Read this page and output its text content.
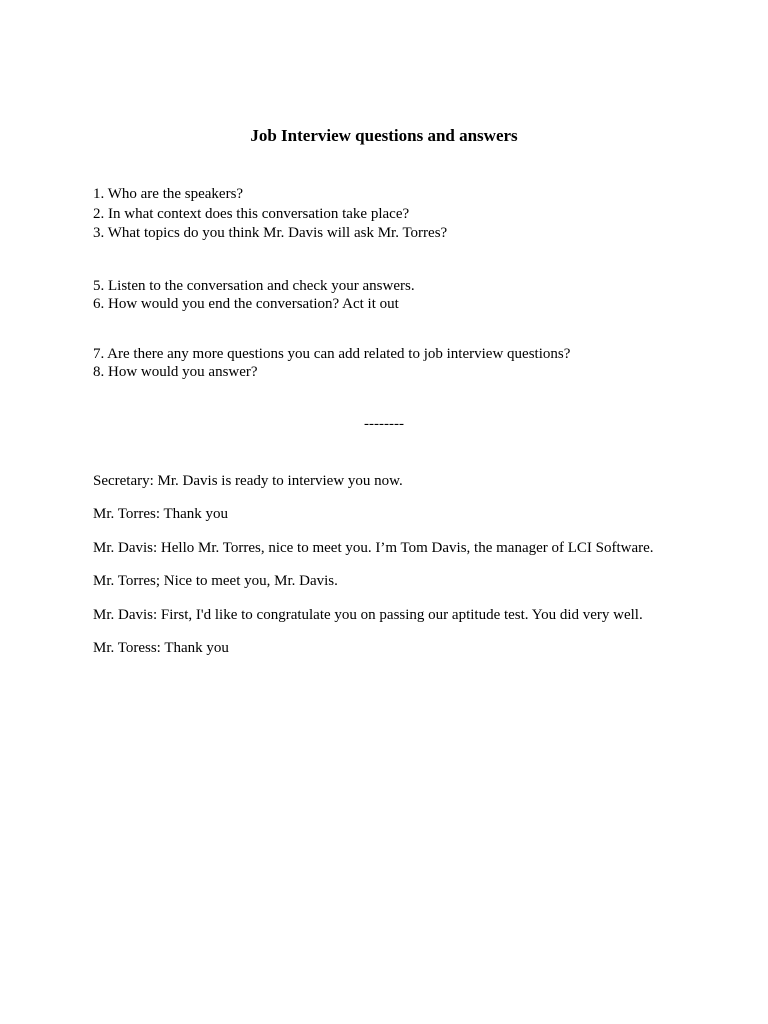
Job Interview questions and answers
1. Who are the speakers?
2. In what context does this conversation take place?
3. What topics do you think Mr. Davis will ask Mr. Torres?
5. Listen to the conversation and check your answers.
6. How would you end the conversation? Act it out
7. Are there any more questions you can add related to job interview questions?
8. How would you answer?
--------
Secretary: Mr. Davis is ready to interview you now.
Mr. Torres: Thank you
Mr. Davis: Hello Mr. Torres, nice to meet you. I’m Tom Davis, the manager of LCI Software.
Mr. Torres; Nice to meet you, Mr. Davis.
Mr. Davis: First, I'd like to congratulate you on passing our aptitude test. You did very well.
Mr. Toress: Thank you
